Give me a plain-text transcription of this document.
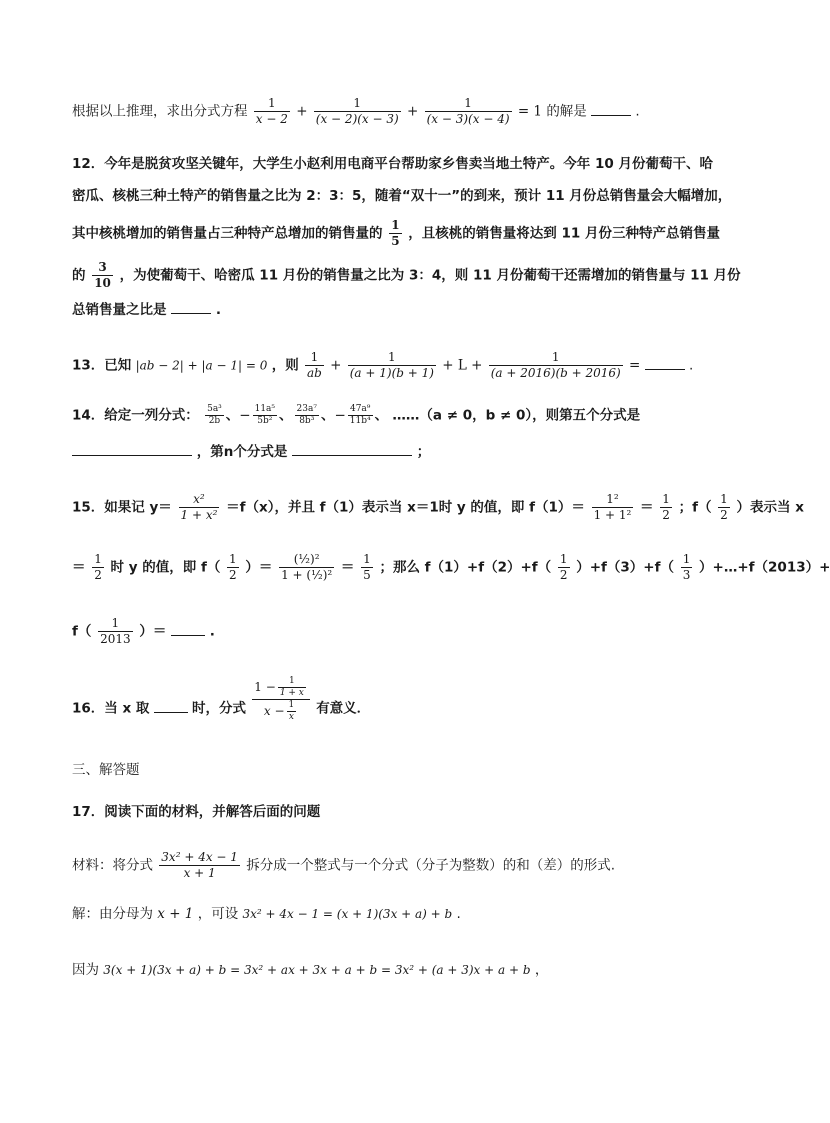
根据以上推理，求出分式方程 $\frac{1}{x - 2} + \frac{1}{(x - 2)(x - 3)} + \frac{1}{(x - 3)(x - 4)} = 1$ 的解是	.
12．今年是脱贫攻坚关键年，大学生小赵利用电商平台帮助家乡售卖当地土特产。今年 10 月份葡萄干、哈
密瓜、核桃三种土特产的销售量之比为 2：3：5，随着“双十一”的到来，预计 11 月份总销售量会大幅增加，
其中核桃增加的销售量占三种特产总增加的销售量的 $\frac{1}{5}$ ，且核桃的销售量将达到 11 月份三种特产总销售量
的 $\frac{3}{10}$ ，为使葡萄干、哈密瓜 11 月份的销售量之比为 3：4，则 11 月份葡萄干还需增加的销售量与 11 月份
总销售量之比是	.
13．已知 |ab − 2| + |a − 1| = 0 ，则 $\frac{1}{ab} + \frac{1}{(a + 1)(b + 1)} + L + \frac{1}{(a + 2016)(b + 2016)}$ =	.
14．给定一列分式： $\frac{\text{5a³}}{2b}$ 、− $\frac{\text{11a⁵}}{\text{5b²}}$ 、 $\frac{\text{23a⁷}}{\text{8b³}}$ 、− $\frac{\text{47a⁹}}{\text{11b⁴}}$ 、 ……（a ≠ 0，b ≠ 0），则第五个分式是
，第n个分式是	；
15．如果记 $y= \frac{\text{x²}}{\text{1 + x²}} =f(x)$，并且 f（1）表示当 x＝1时 y 的值，即 $f(1)= \frac{\text{1²}}{\text{1 + 1²}} = \frac{1}{2}$ ；$f( \frac{1}{2}$ ）表示当 x
＝ $\frac{1}{2}$ 时 y 的值，即 $f( \frac{1}{2}$ ）＝ $\frac{\text{(½)²}}{\text{1 + (½)²}} = \frac{1}{5}$ ；那么 $f(1)+f(2)+f( \frac{1}{2} )+f(3)+f( \frac{1}{3}$ ）+…+f（2013）+
$f( \frac{1}{2013}$ ）＝	.
16．当 x 取	时，分式 $\frac{1 - \frac{1}{1 + x}}{x - \frac{1}{x}}$ 有意义．
三、解答题
17．阅读下面的材料，并解答后面的问题
材料：将分式 $\frac{\text{3x² + 4x − 1}}{x + 1}$ 拆分成一个整式与一个分式（分子为整数）的和（差）的形式.
解：由分母为 x + 1 ，可设 3x² + 4x − 1 = (x + 1)(3x + a) + b .
因为 3(x + 1)(3x + a) + b = 3x² + ax + 3x + a + b = 3x² + (a + 3)x + a + b ，
